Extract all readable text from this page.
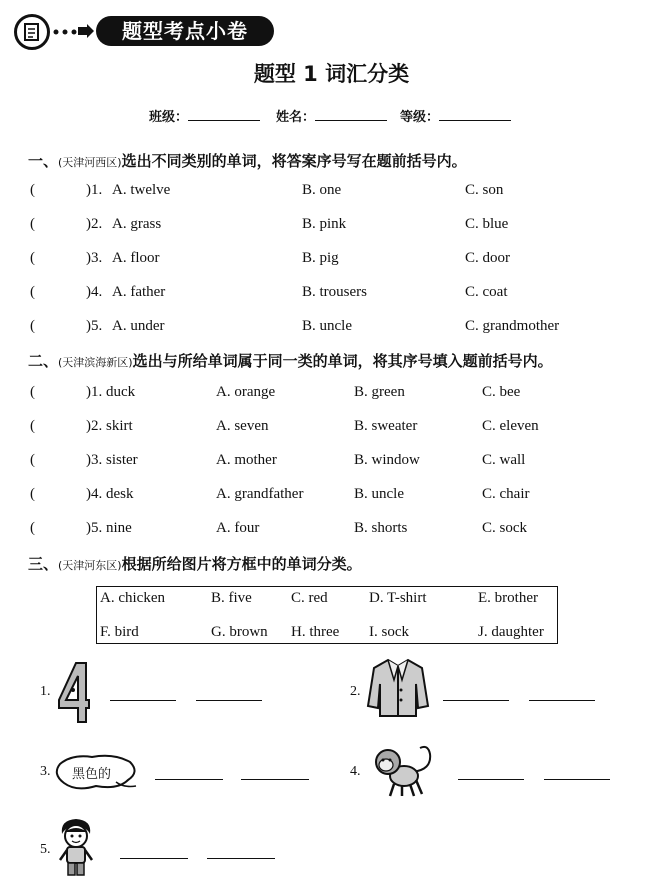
题型考点小卷
题型 1 词汇分类
班级：	姓名：	等级：
一、(天津河西区)选出不同类别的单词，将答案序号写在题前括号内。
(	)1. A. twelve	B. one	C. son
(	)2. A. grass	B. pink	C. blue
(	)3. A. floor	B. pig	C. door
(	)4. A. father	B. trousers	C. coat
(	)5. A. under	B. uncle	C. grandmother
二、(天津滨海新区)选出与所给单词属于同一类的单词，将其序号填入题前括号内。
(	)1. duck	A. orange	B. green	C. bee
(	)2. skirt	A. seven	B. sweater	C. eleven
(	)3. sister	A. mother	B. window	C. wall
(	)4. desk	A. grandfather	B. uncle	C. chair
(	)5. nine	A. four	B. shorts	C. sock
三、(天津河东区)根据所给图片将方框中的单词分类。
A. chicken	B. five	C. red	D. T-shirt	E. brother
F. bird	G. brown H. three I. sock	J. daughter
1.	2.
3. 黑色的	4.
5.
